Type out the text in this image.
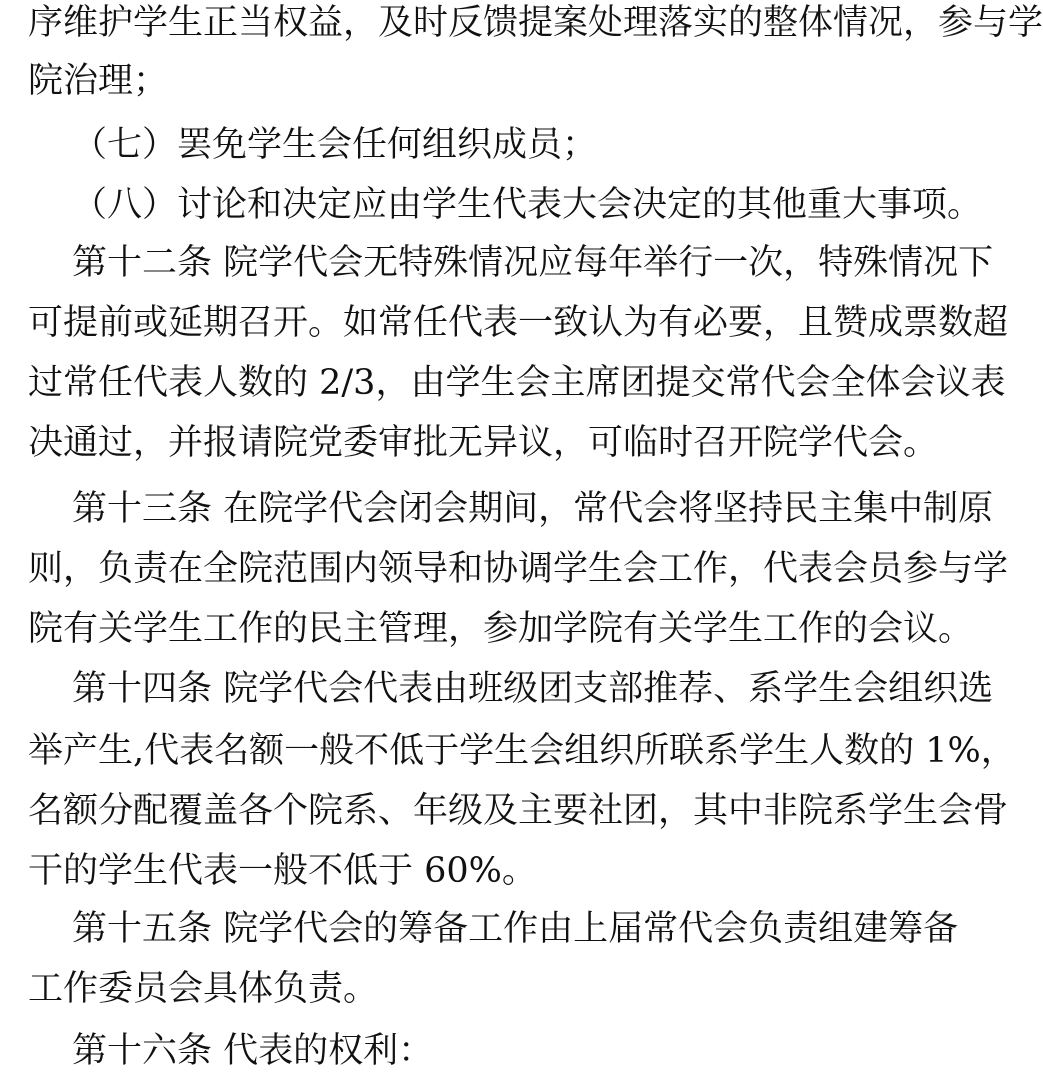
序维护学生正当权益，及时反馈提案处理落实的整体情况，参与学
院治理；
（七）罢免学生会任何组织成员；
（八）讨论和决定应由学生代表大会决定的其他重大事项。
第十二条 院学代会无特殊情况应每年举行一次，特殊情况下
可提前或延期召开。如常任代表一致认为有必要，且赞成票数超
过常任代表人数的 2/3，由学生会主席团提交常代会全体会议表
决通过，并报请院党委审批无异议，可临时召开院学代会。
第十三条 在院学代会闭会期间，常代会将坚持民主集中制原
则，负责在全院范围内领导和协调学生会工作，代表会员参与学
院有关学生工作的民主管理，参加学院有关学生工作的会议。
第十四条 院学代会代表由班级团支部推荐、系学生会组织选
举产生,代表名额一般不低于学生会组织所联系学生人数的 1%，
名额分配覆盖各个院系、年级及主要社团，其中非院系学生会骨
干的学生代表一般不低于 60%。
第十五条 院学代会的筹备工作由上届常代会负责组建筹备
工作委员会具体负责。
第十六条 代表的权利：
